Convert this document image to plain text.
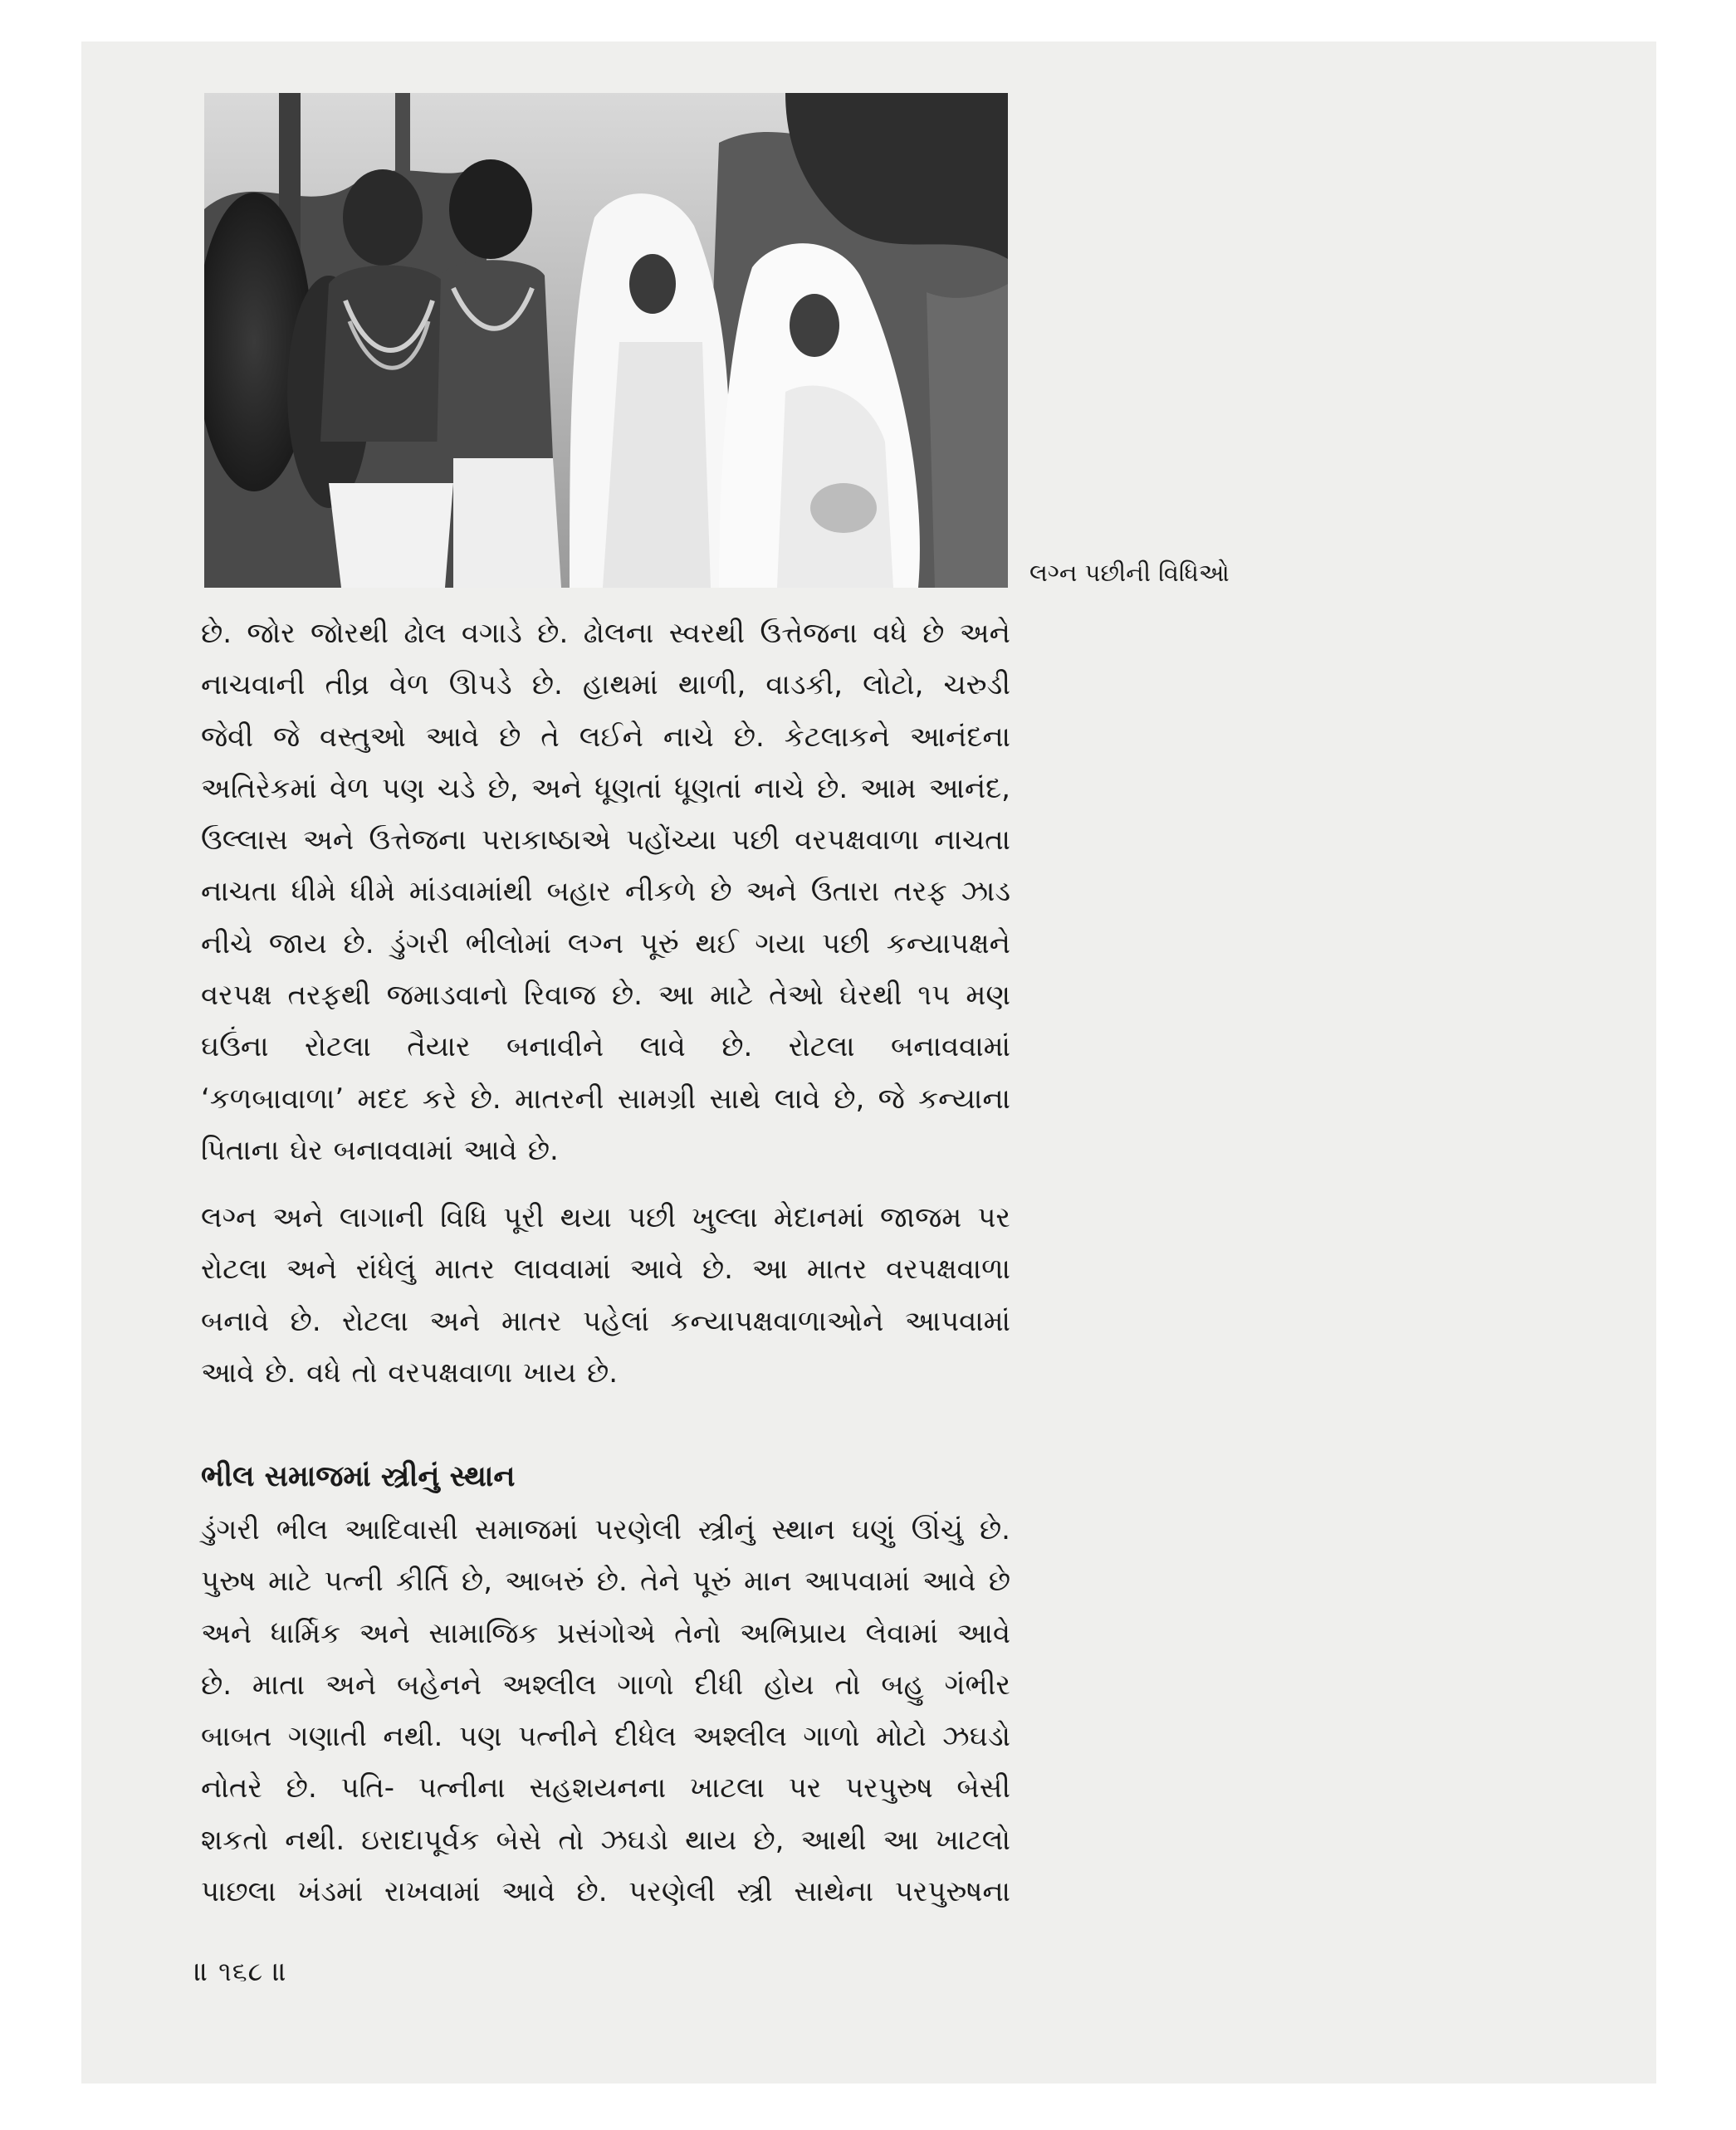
લગ્ન પછીની વિધિઓ

છે. જોર જોરથી ઢોલ વગાડે છે. ઢોલના સ્વરથી ઉત્તેજના વધે છે અને

નાચવાની તીવ્ર વેળ ઊપડે છે. હાથમાં થાળી, વાડકી, લોટો, ચરુડી

જેવી જે વસ્તુઓ આવે છે તે લઈને નાચે છે. કેટલાકને આનંદના

અતિરેકમાં વેળ પણ ચડે છે, અને ધૂણતાં ધૂણતાં નાચે છે. આમ આનંદ,

ઉલ્લાસ અને ઉત્તેજના પરાકાષ્ઠાએ પહોંચ્યા પછી વરપક્ષવાળા નાચતા

નાચતા ધીમે ધીમે માંડવામાંથી બહાર નીકળે છે અને ઉતારા તરફ ઝાડ

નીચે જાય છે. ડુંગરી ભીલોમાં લગ્ન પૂરું થઈ ગયા પછી કન્યાપક્ષને

વરપક્ષ તરફથી જમાડવાનો રિવાજ છે. આ માટે તેઓ ઘેરથી ૧૫ મણ

ઘઉંના રોટલા તૈયાર બનાવીને લાવે છે. રોટલા બનાવવામાં

‘કળબાવાળા’ મદદ કરે છે. માતરની સામગ્રી સાથે લાવે છે, જે કન્યાના

પિતાના ઘેર બનાવવામાં આવે છે.

લગ્ન અને લાગાની વિધિ પૂરી થયા પછી ખુલ્લા મેદાનમાં જાજમ પર

રોટલા અને રાંધેલું માતર લાવવામાં આવે છે. આ માતર વરપક્ષવાળા

બનાવે છે. રોટલા અને માતર પહેલાં કન્યાપક્ષવાળાઓને આપવામાં

આવે છે. વધે તો વરપક્ષવાળા ખાય છે.

ભીલ સમાજમાં સ્ત્રીનું સ્થાન

ડુંગરી ભીલ આદિવાસી સમાજમાં પરણેલી સ્ત્રીનું સ્થાન ઘણું ઊંચું છે.

પુરુષ માટે પત્ની કીર્તિ છે, આબરું છે. તેને પૂરું માન આપવામાં આવે છે

અને ધાર્મિક અને સામાજિક પ્રસંગોએ તેનો અભિપ્રાય લેવામાં આવે

છે. માતા અને બહેનને અશ્લીલ ગાળો દીધી હોય તો બહુ ગંભીર

બાબત ગણાતી નથી. પણ પત્નીને દીધેલ અશ્લીલ ગાળો મોટો ઝઘડો

નોતરે છે. પતિ- પત્નીના સહશયનના ખાટલા પર પરપુરુષ બેસી

શકતો નથી. ઇરાદાપૂર્વક બેસે તો ઝઘડો થાય છે, આથી આ ખાટલો

પાછલા ખંડમાં રાખવામાં આવે છે. પરણેલી સ્ત્રી સાથેના પરપુરુષના

॥ ૧૬૮ ॥
